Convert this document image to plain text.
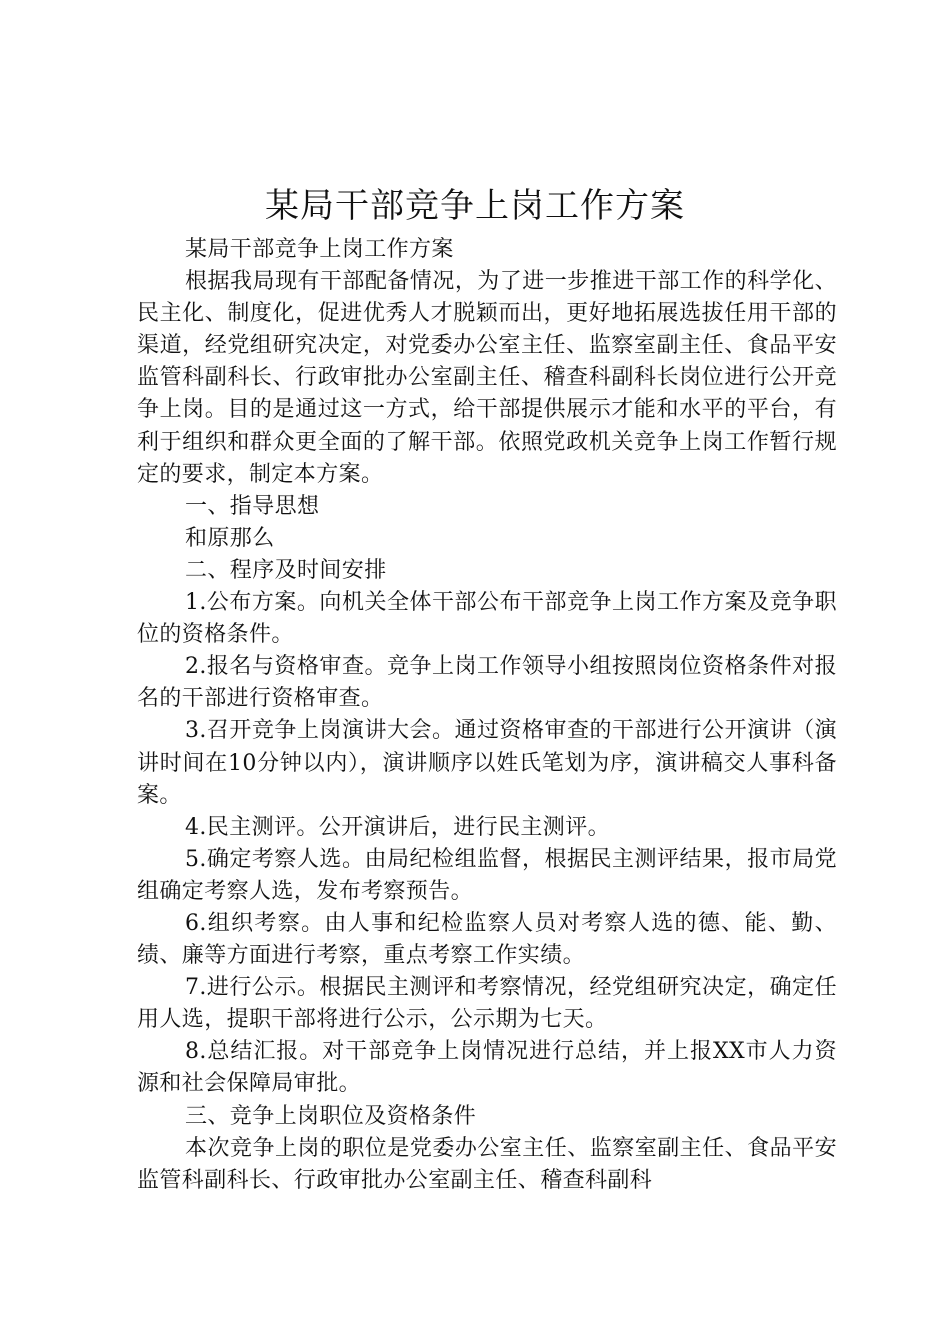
某局干部竞争上岗工作方案

某局干部竞争上岗工作方案

根据我局现有干部配备情况，为了进一步推进干部工作的科学化、民主化、制度化，促进优秀人才脱颖而出，更好地拓展选拔任用干部的渠道，经党组研究决定，对党委办公室主任、监察室副主任、食品平安监管科副科长、行政审批办公室副主任、稽查科副科长岗位进行公开竞争上岗。目的是通过这一方式，给干部提供展示才能和水平的平台，有利于组织和群众更全面的了解干部。依照党政机关竞争上岗工作暂行规定的要求，制定本方案。

一、指导思想

和原那么

二、程序及时间安排

1.公布方案。向机关全体干部公布干部竞争上岗工作方案及竞争职位的资格条件。

2.报名与资格审查。竞争上岗工作领导小组按照岗位资格条件对报名的干部进行资格审查。

3.召开竞争上岗演讲大会。通过资格审查的干部进行公开演讲（演讲时间在10分钟以内），演讲顺序以姓氏笔划为序，演讲稿交人事科备案。

4.民主测评。公开演讲后，进行民主测评。

5.确定考察人选。由局纪检组监督，根据民主测评结果，报市局党组确定考察人选，发布考察预告。

6.组织考察。由人事和纪检监察人员对考察人选的德、能、勤、绩、廉等方面进行考察，重点考察工作实绩。

7.进行公示。根据民主测评和考察情况，经党组研究决定，确定任用人选，提职干部将进行公示，公示期为七天。

8.总结汇报。对干部竞争上岗情况进行总结，并上报XX市人力资源和社会保障局审批。

三、竞争上岗职位及资格条件

本次竞争上岗的职位是党委办公室主任、监察室副主任、食品平安监管科副科长、行政审批办公室副主任、稽查科副科
